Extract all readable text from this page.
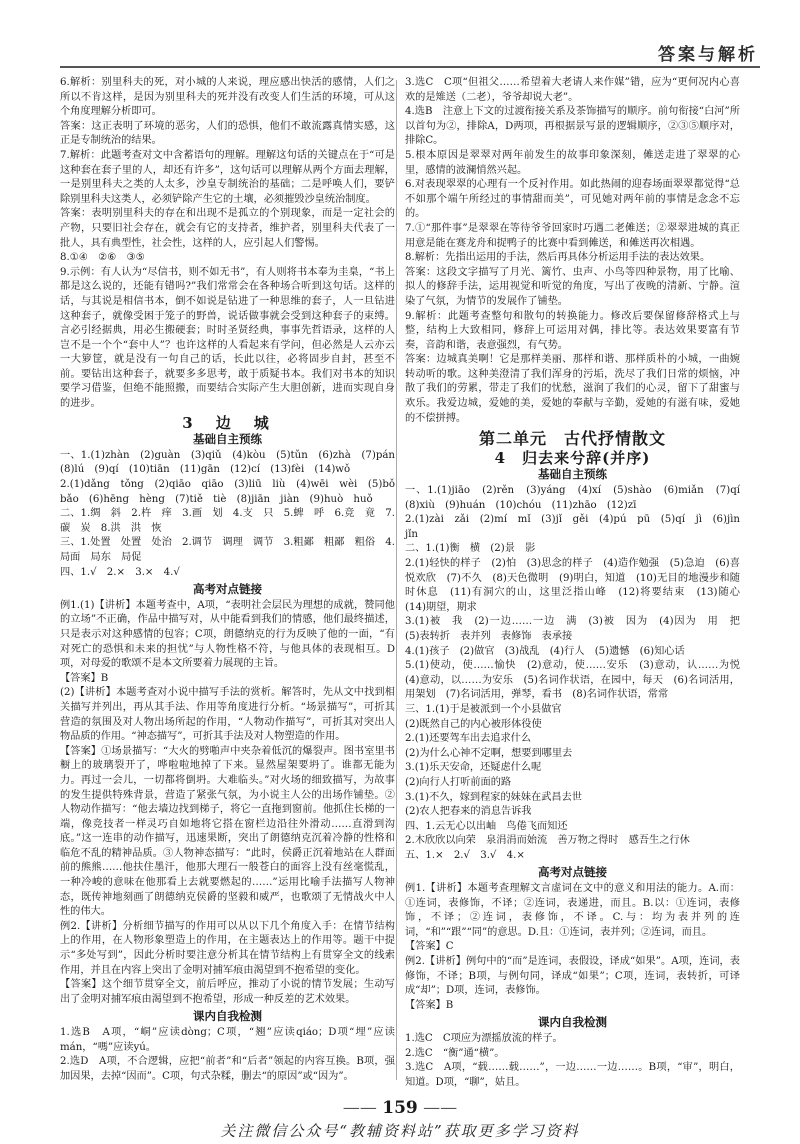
答案与解析

6.解析：别里科夫的死，对小城的人来说，理应感出快活的感情，人们之所以不肯这样，是因为别里科夫的死并没有改变人们生活的环境，可从这个角度理解分析即可。

答案：这正表明了环境的恶劣，人们的恐惧，他们不敢流露真情实感，这正是专制统治的结果。

7.解析：此题考查对文中含蓄语句的理解。理解这句话的关键点在于“可是这种套在套子里的人，却还有许多”，这句话可以理解从两个方面去理解，一是别里科夫之类的人太多，沙皇专制统治的基础；二是呼唤人们，要铲除别里科夫这类人，必须铲除产生它的土壤，必须摧毁沙皇统治制度。

答案：表明别里科夫的存在和出现不是孤立的个别现象，而是一定社会的产物，只要旧社会存在，就会有它的支持者，维护者，别里科夫代表了一批人，具有典型性，社会性，这样的人，应引起人们警惕。

8.①④　②⑥　③⑤

9.示例：有人认为“尽信书，则不如无书”，有人则将书本奉为圭臬，“书上都是这么说的，还能有错吗?”我们常常会在各种场合听到这句话。这样的话，与其说是相信书本，倒不如说是钻进了一种思维的套子，人一旦钻进这种套子，就像受困于笼子的野兽，说话做事就会受到这种套子的束缚。言必引经据典，用必生搬硬套；时时圣贤经典，事事先哲语录，这样的人岂不是一个个“套中人”？也许这样的人看起来有学问，但必然是人云亦云一大箩筐，就是没有一句自己的话，长此以往，必将固步自封，甚至不前。要钻出这种套子，就要多多思考，敢于质疑书本。我们对书本的知识要学习借鉴，但绝不能照搬，而要结合实际产生大胆创新，进而实现自身的进步。

3　边　城
基础自主预练

一、1.(1)zhàn　(2)guàn　(3)qiǔ　(4)kòu　(5)tǔn　(6)zhà　(7)pán　(8)lú　(9)qí　(10)tiān　(11)gān　(12)cí　(13)fèi　(14)wǒ

2.(1)dǎng　tǒng　(2)qiāo　qiāo　(3)liū　liù　(4)wēi　wèi　(5)bǒ　bǎo　(6)hēng　hèng　(7)tiě　tiè　(8)jiān　jiàn　(9)huò　huǒ

二、1.绸　斜　2.杵　痒　3.画　划　4.支　只　5.蜱　呼　6.竞　竟　7.碳　炭　8.洪　洪　恢

三、1.处置　处置　处治　2.调节　调理　调节　3.粗鄙　粗鄙　粗俗　4.局面　局东　局促

四、1.√　2.×　3.×　4.√

高考对点链接

例1.(1)【讲析】本题考查中，A项，“表明社会层民为理想的成就，赞同他的立场”不正确，作品中描写对，从中能看到我们的情感，他们最终描述，只是表示对这种感情的包容；C项，朗德纳克的行为反映了他的一面，“有对死亡的恐惧和未来的担忧”与人物性格不符，与他具体的表现相互。D项，对母爱的歌颂不是本文所要着力展现的主旨。

【答案】B

(2)【讲析】本题考查对小说中描写手法的赏析。解答时，先从文中找到相关描写并列出，再从其手法、作用等角度进行分析。“场景描写”，可折其营造的氛围及对人物出场所起的作用，“人物动作描写”，可折其对突出人物品质的作用。“神态描写”，可折其手法及对人物塑造的作用。

【答案】①场景描写：“大火的劈啪声中夹杂着低沉的爆裂声。图书室里书橱上的玻璃裂开了，哗啦啦地掉了下来。显然屋架要坍了。谁都无能为力。再过一会儿，一切都将倒坍。大难临头。”对火场的细致描写，为故事的发生提供特殊背景，营造了紧张气氛，为小说主人公的出场作铺垫。②人物动作描写：“他去墙边找到梯子，将它一直拖到窗前。他抓住长梯的一端，像竞技者一样灵巧自如地将它搭在窗栏边沿往外滑动……直滑到沟底。”这一连串的动作描写，迅速果断，突出了朗德纳克沉着冷静的性格和临危不乱的精神品质。③人物神态描写：“此时，侯爵正沉着地站在人群面前的熊熊……他扶住墨汗，他那大理石一般苍白的面容上没有丝毫慌乱，一种冷峻的意味在他那看上去就要燃起的……”运用比喻手法描写人物神态，既传神地刻画了朗德纳克侯爵的坚毅和威严，也歌颂了无情战火中人性的伟大。

例2.【讲析】分析细节描写的作用可以从以下几个角度入手：在情节结构上的作用，在人物形象塑造上的作用，在主题表达上的作用等。题干中提示“多处写到”，因此分析时要注意分析其在情节结构上有贯穿全文的线索作用，并且在内容上突出了金明对捕军痕由渴望到不抱希望的变化。

【答案】这个细节贯穿全文，前后呼应，推动了小说的情节发展；生动写出了金明对捕军痕由渴望到不抱希望，形成一种反差的艺术效果。

课内自我检测

1.选B　A项，“峒”应读dòng；C项，“翘”应读qiáo；D项“埋”应读mán，“嗎”应读yú。

2.选D　A项，不合逻辑，应把“前者”和“后者”领起的内容互换。B项，强加因果，去掉“因而”。C项，句式杂糅，删去“的原因”或“因为”。

3.选C　C项“但祖父……希望着大老请人来作媒”错，应为“更何况内心喜欢的是雉送（二老），爷爷却说大老”。

4.选B　注意上下文的过渡衔接关系及茶饰描写的顺序。前句衔接“白河”所以首句为②，排除A，D两项，再根据景写景的逻辑顺序，②③⑤顺序对，排除C。

5.根本原因是翠翠对两年前发生的故事印象深刻，傩送走进了翠翠的心里，感情的波澜悄然兴起。

6.对表现翠翠的心理有一个反衬作用。如此热闹的迎春场面翠翠都觉得“总不如那个端午所经过的事情甜而美”，可见她对两年前的事情是念念不忘的。

7.①“那件事”是翠翠在等待爷爷回家时巧遇二老傩送；②翠翠进城的真正用意是能在赛龙舟和捉鸭子的比赛中看到傩送，和傩送再次相遇。

8.解析：先指出运用的手法，然后再具体分析运用手法的表达效果。

答案：这段文字描写了月光、篱竹、虫声、小鸟等四种景物，用了比喻、拟人的修辞手法，运用视觉和听觉的角度，写出了夜晚的清新、宁静。渲染了气氛，为情节的发展作了铺垫。

9.解析：此题考查整句和散句的转换能力。修改后要保留修辞格式上与整，结构上大致相同，修辞上可运用对偶，排比等。表达效果要富有节奏，音韵和谐，表意强烈，有气势。

答案：边城真美啊！它是那样美丽、那样和谐、那样质朴的小城，一曲婉转动听的歌。这种美澄清了我们浑身的污垢，洗尽了我们日常的烦恼，冲散了我们的劳累，带走了我们的忧愁，滋润了我们的心灵，留下了甜蜜与欢乐。我爱边城，爱她的美，爱她的奉献与辛勤，爱她的有滋有味，爱她的不偿拼搏。

第二单元　古代抒情散文
4　归去来兮辞(并序)
基础自主预练

一、1.(1)jiāo　(2)rěn　(3)yáng　(4)xí　(5)shào　(6)miǎn　(7)qí　(8)xiù　(9)huán　(10)chóu　(11)zhāo　(12)zī

2.(1)zài　zǎi　(2)mí　mǐ　(3)jǐ　gěi　(4)pú　pū　(5)qí　jì　(6)jìn　jǐn

二、1.(1)衡　横　(2)景　影

2.(1)轻快的样子　(2)怕　(3)思念的样子　(4)造作勉强　(5)急迫　(6)喜悦欢欣　(7)不久　(8)天色微明　(9)明白，知道　(10)无目的地漫步和随时休息　(11)有洞穴的山，这里泛指山峰　(12)将要结束　(13)随心　(14)期望，期求

3.(1)被　我　(2)一边……一边　满　(3)被　因为　(4)因为　用　把　(5)表转折　表并列　表修饰　表承接

4.(1)孩子　(2)做官　(3)战乱　(4)行人　(5)遗憾　(6)知心话

5.(1)使动，使……愉快　(2)意动，使……安乐　(3)意动，认……为悦　(4)意动，以……为安乐　(5)名词作状语，在园中，每天　(6)名词活用，用架划　(7)名词活用，弹琴，看书　(8)名词作状语，常常

三、1.(1)于是被派到一个小县做官

(2)既然自己的内心被形体役使

2.(1)还要驾车出去追求什么

(2)为什么心神不定啊，想要到哪里去

3.(1)乐天安命，还疑虑什么呢

(2)向行人打听前面的路

3.(1)不久，嫁到程家的妹妹在武昌去世

(2)农人把春来的消息告诉我

四、1.云无心以出岫　鸟倦飞而知还

2.木欣欣以向荣　泉涓涓而始流　善万物之得时　感吾生之行休

五、1.×　2.√　3.√　4.×

高考对点链接

例1.【讲析】本题考查理解文言虚词在文中的意义和用法的能力。A.而：①连词，表修饰，不译；②连词，表递进，而且。B.以：①连词，表修饰，不译；②连词，表修饰，不译。C.与：均为表并列的连词，“和”“跟”“同”的意思。D.且：①连词，表并列；②连词，而且。

【答案】C

例2.【讲析】例句中的“而”是连词，表假设，译成“如果”。A项，连词，表修饰，不译；B项，与例句同，译成“如果”；C项，连词，表转折，可译成“却”；D项，连词，表修饰。

【答案】B

课内自我检测

1.选C　C项应为漂摇放流的样子。

2.选C　“衡”通“横”。

3.选C　A项，“载……载……”，一边……一边……。B项，“审”，明白，知道。D项，“聊”，姑且。

—— 159 ——
关注微信公众号“教辅资料站”获取更多学习资料
